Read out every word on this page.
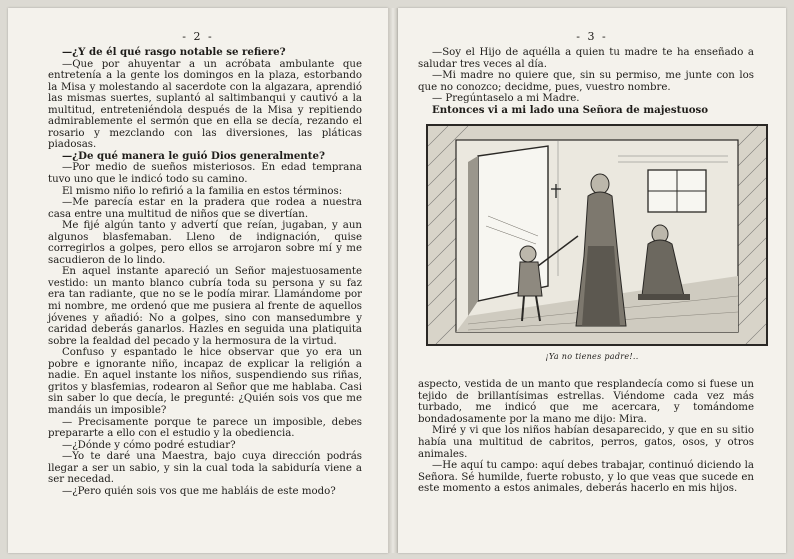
- 2 -

—¿Y de él qué rasgo notable se refiere?

—Que por ahuyentar a un acróbata ambulante que entretenía a la gente los domingos en la plaza, estorbando la Misa y molestando al sacerdote con la algazara, aprendió las mismas suertes, suplantó al saltimbanqui y cautivó a la multitud, entreteniéndola después de la Misa y repitiendo admirablemente el sermón que en ella se decía, rezando el rosario y mezclando con las diversiones, las pláticas piadosas.

—¿De qué manera le guió Dios generalmente?

—Por medio de sueños misteriosos. En edad temprana tuvo uno que le indicó todo su camino.

El mismo niño lo refirió a la familia en estos términos:

—Me parecía estar en la pradera que rodea a nuestra casa entre una multitud de niños que se divertían.

Me fijé algún tanto y advertí que reían, jugaban, y aun algunos blasfemaban. Lleno de indignación, quise corregirlos a golpes, pero ellos se arrojaron sobre mí y me sacudieron de lo lindo.

En aquel instante apareció un Señor majestuosamente vestido: un manto blanco cubría toda su persona y su faz era tan radiante, que no se le podía mirar. Llamándome por mi nombre, me ordenó que me pusiera al frente de aquellos jóvenes y añadió: No a golpes, sino con mansedumbre y caridad deberás ganarlos. Hazles en seguida una platiquita sobre la fealdad del pecado y la hermosura de la virtud.

Confuso y espantado le hice observar que yo era un pobre e ignorante niño, incapaz de explicar la religión a nadie. En aquel instante los niños, suspendiendo sus riñas, gritos y blasfemias, rodearon al Señor que me hablaba. Casi sin saber lo que decía, le pregunté: ¿Quién sois vos que me mandáis un imposible?

— Precisamente porque te parece un imposible, debes prepararte a ello con el estudio y la obediencia.

—¿Dónde y cómo podré estudiar?

—Yo te daré una Maestra, bajo cuya dirección podrás llegar a ser un sabio, y sin la cual toda la sabiduría viene a ser necedad.

—¿Pero quién sois vos que me habláis de este modo?

- 3 -

—Soy el Hijo de aquélla a quien tu madre te ha enseñado a saludar tres veces al día.

—Mi madre no quiere que, sin su permiso, me junte con los que no conozco; decidme, pues, vuestro nombre.

— Pregúntaselo a mi Madre.

Entonces vi a mi lado una Señora de majestuoso

¡Ya no tienes padre!..

aspecto, vestida de un manto que resplandecía como si fuese un tejido de brillantísimas estrellas. Viéndome cada vez más turbado, me indicó que me acercara, y tomándome bondadosamente por la mano me dijo: Mira.

Miré y vi que los niños habían desaparecido, y que en su sitio había una multitud de cabritos, perros, gatos, osos, y otros animales.

—He aquí tu campo: aquí debes trabajar, continuó diciendo la Señora. Sé humilde, fuerte robusto, y lo que veas que sucede en este momento a estos animales, deberás hacerlo en mis hijos.
